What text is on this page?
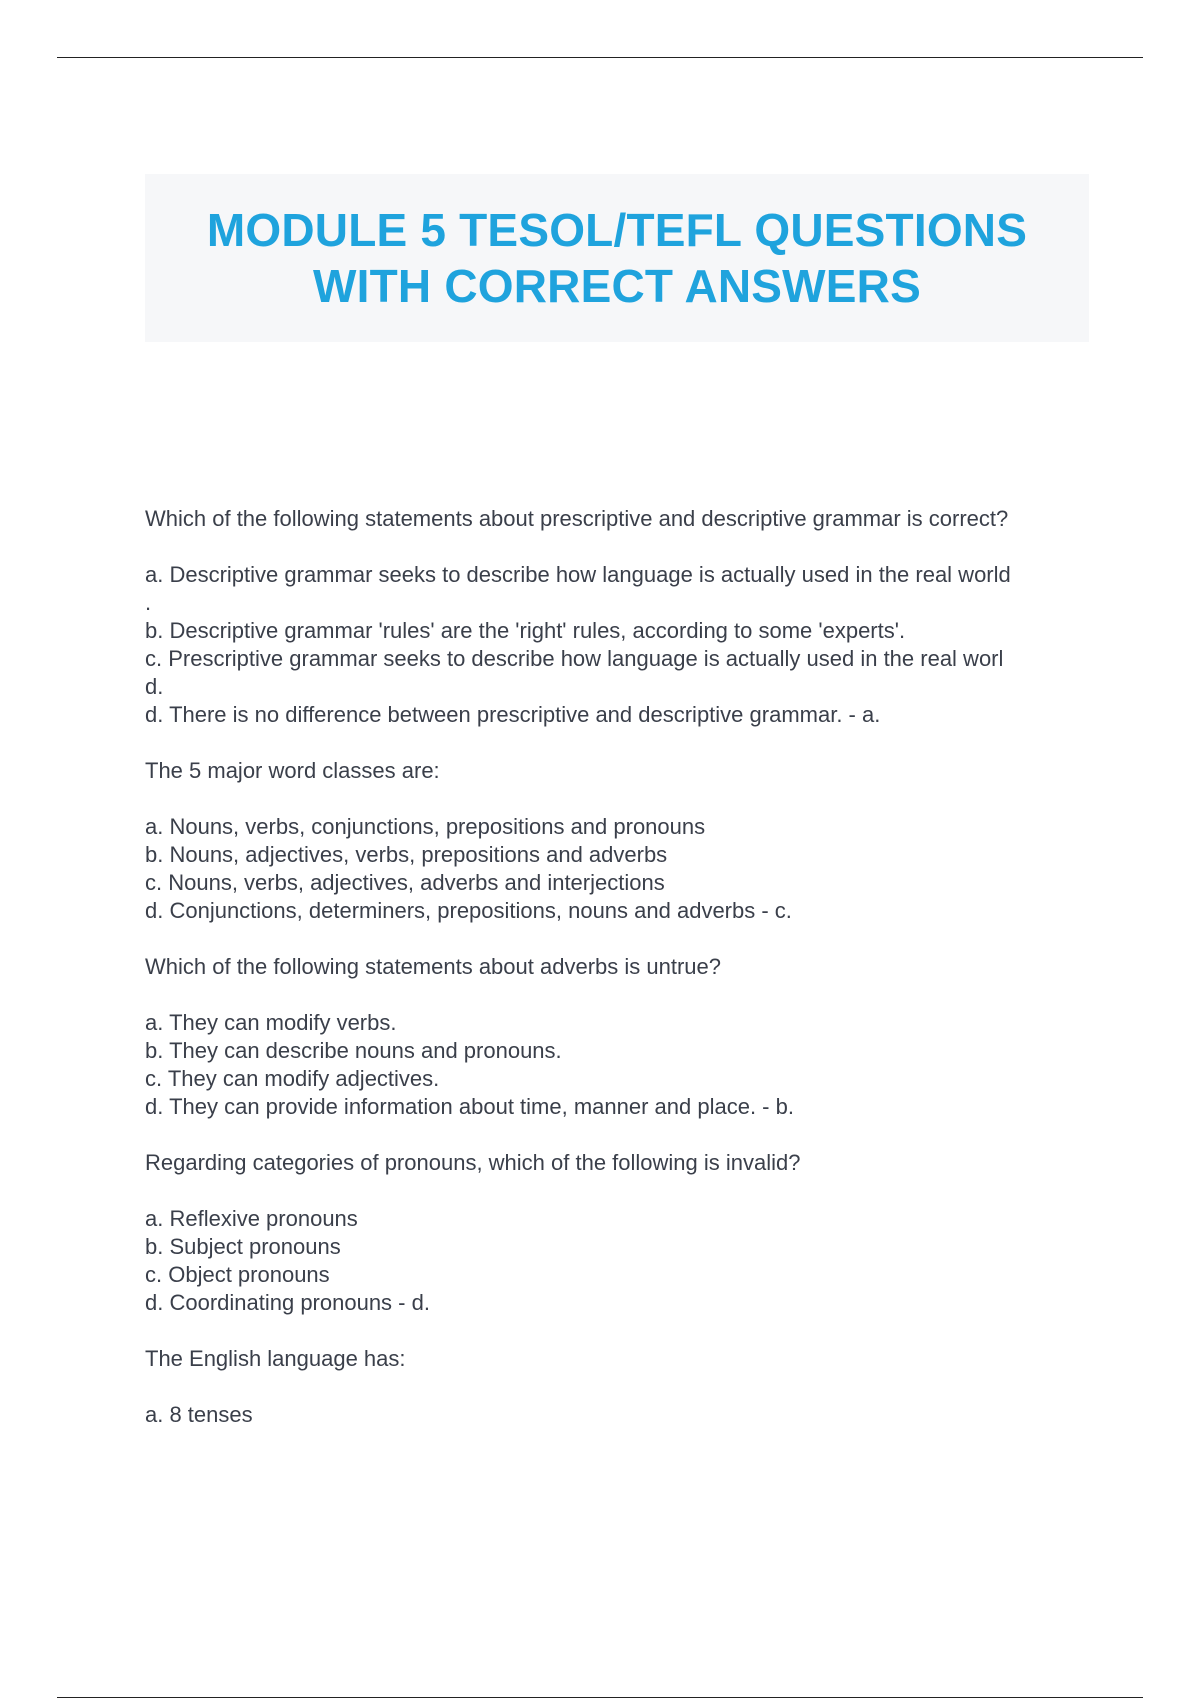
MODULE 5 TESOL/TEFL QUESTIONS
WITH CORRECT ANSWERS

Which of the following statements about prescriptive and descriptive grammar is correct?

a. Descriptive grammar seeks to describe how language is actually used in the real world
.
b. Descriptive grammar 'rules' are the 'right' rules, according to some 'experts'.
c. Prescriptive grammar seeks to describe how language is actually used in the real worl
d.
d. There is no difference between prescriptive and descriptive grammar. - a.

The 5 major word classes are:

a. Nouns, verbs, conjunctions, prepositions and pronouns
b. Nouns, adjectives, verbs, prepositions and adverbs
c. Nouns, verbs, adjectives, adverbs and interjections
d. Conjunctions, determiners, prepositions, nouns and adverbs - c.

Which of the following statements about adverbs is untrue?

a. They can modify verbs.
b. They can describe nouns and pronouns.
c. They can modify adjectives.
d. They can provide information about time, manner and place. - b.

Regarding categories of pronouns, which of the following is invalid?

a. Reflexive pronouns
b. Subject pronouns
c. Object pronouns
d. Coordinating pronouns - d.

The English language has:

a. 8 tenses
